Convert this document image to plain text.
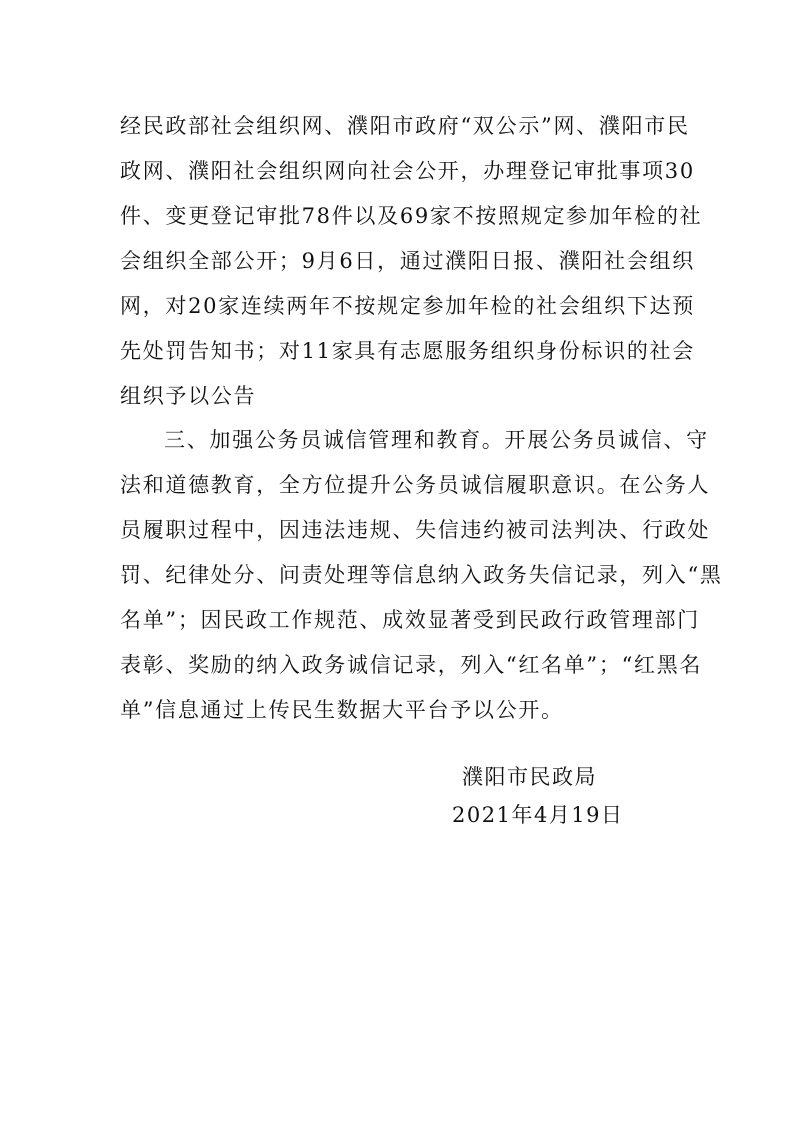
经民政部社会组织网、濮阳市政府“双公示”网、濮阳市民
政网、濮阳社会组织网向社会公开，办理登记审批事项30
件、变更登记审批78件以及69家不按照规定参加年检的社
会组织全部公开；9月6日，通过濮阳日报、濮阳社会组织
网，对20家连续两年不按规定参加年检的社会组织下达预
先处罚告知书；对11家具有志愿服务组织身份标识的社会
组织予以公告
三、加强公务员诚信管理和教育。开展公务员诚信、守
法和道德教育，全方位提升公务员诚信履职意识。在公务人
员履职过程中，因违法违规、失信违约被司法判决、行政处
罚、纪律处分、问责处理等信息纳入政务失信记录，列入“黑
名单”；因民政工作规范、成效显著受到民政行政管理部门
表彰、奖励的纳入政务诚信记录，列入“红名单”；“红黑名
单”信息通过上传民生数据大平台予以公开。
濮阳市民政局
2021年4月19日
